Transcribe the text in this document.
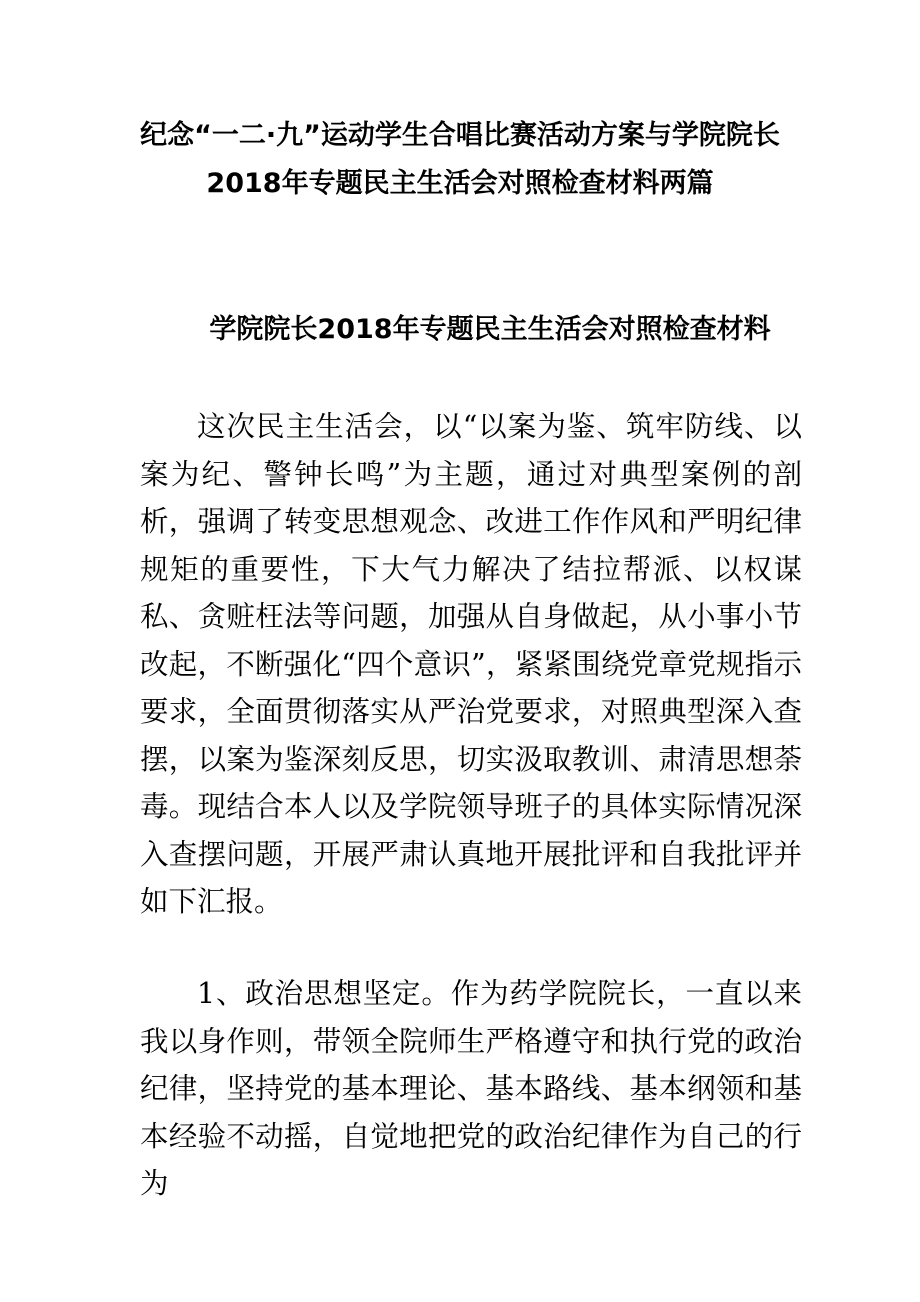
纪念“一二·九”运动学生合唱比赛活动方案与学院院长2018年专题民主生活会对照检查材料两篇
学院院长2018年专题民主生活会对照检查材料

这次民主生活会，以“以案为鉴、筑牢防线、以案为纪、警钟长鸣”为主题，通过对典型案例的剖析，强调了转变思想观念、改进工作作风和严明纪律规矩的重要性，下大气力解决了结拉帮派、以权谋私、贪赃枉法等问题，加强从自身做起，从小事小节改起，不断强化“四个意识”，紧紧围绕党章党规指示要求，全面贯彻落实从严治党要求，对照典型深入查摆，以案为鉴深刻反思，切实汲取教训、肃清思想荼毒。现结合本人以及学院领导班子的具体实际情况深入查摆问题，开展严肃认真地开展批评和自我批评并如下汇报。

1、政治思想坚定。作为药学院院长，一直以来我以身作则，带领全院师生严格遵守和执行党的政治纪律，坚持党的基本理论、基本路线、基本纲领和基本经验不动摇，自觉地把党的政治纪律作为自己的行为
